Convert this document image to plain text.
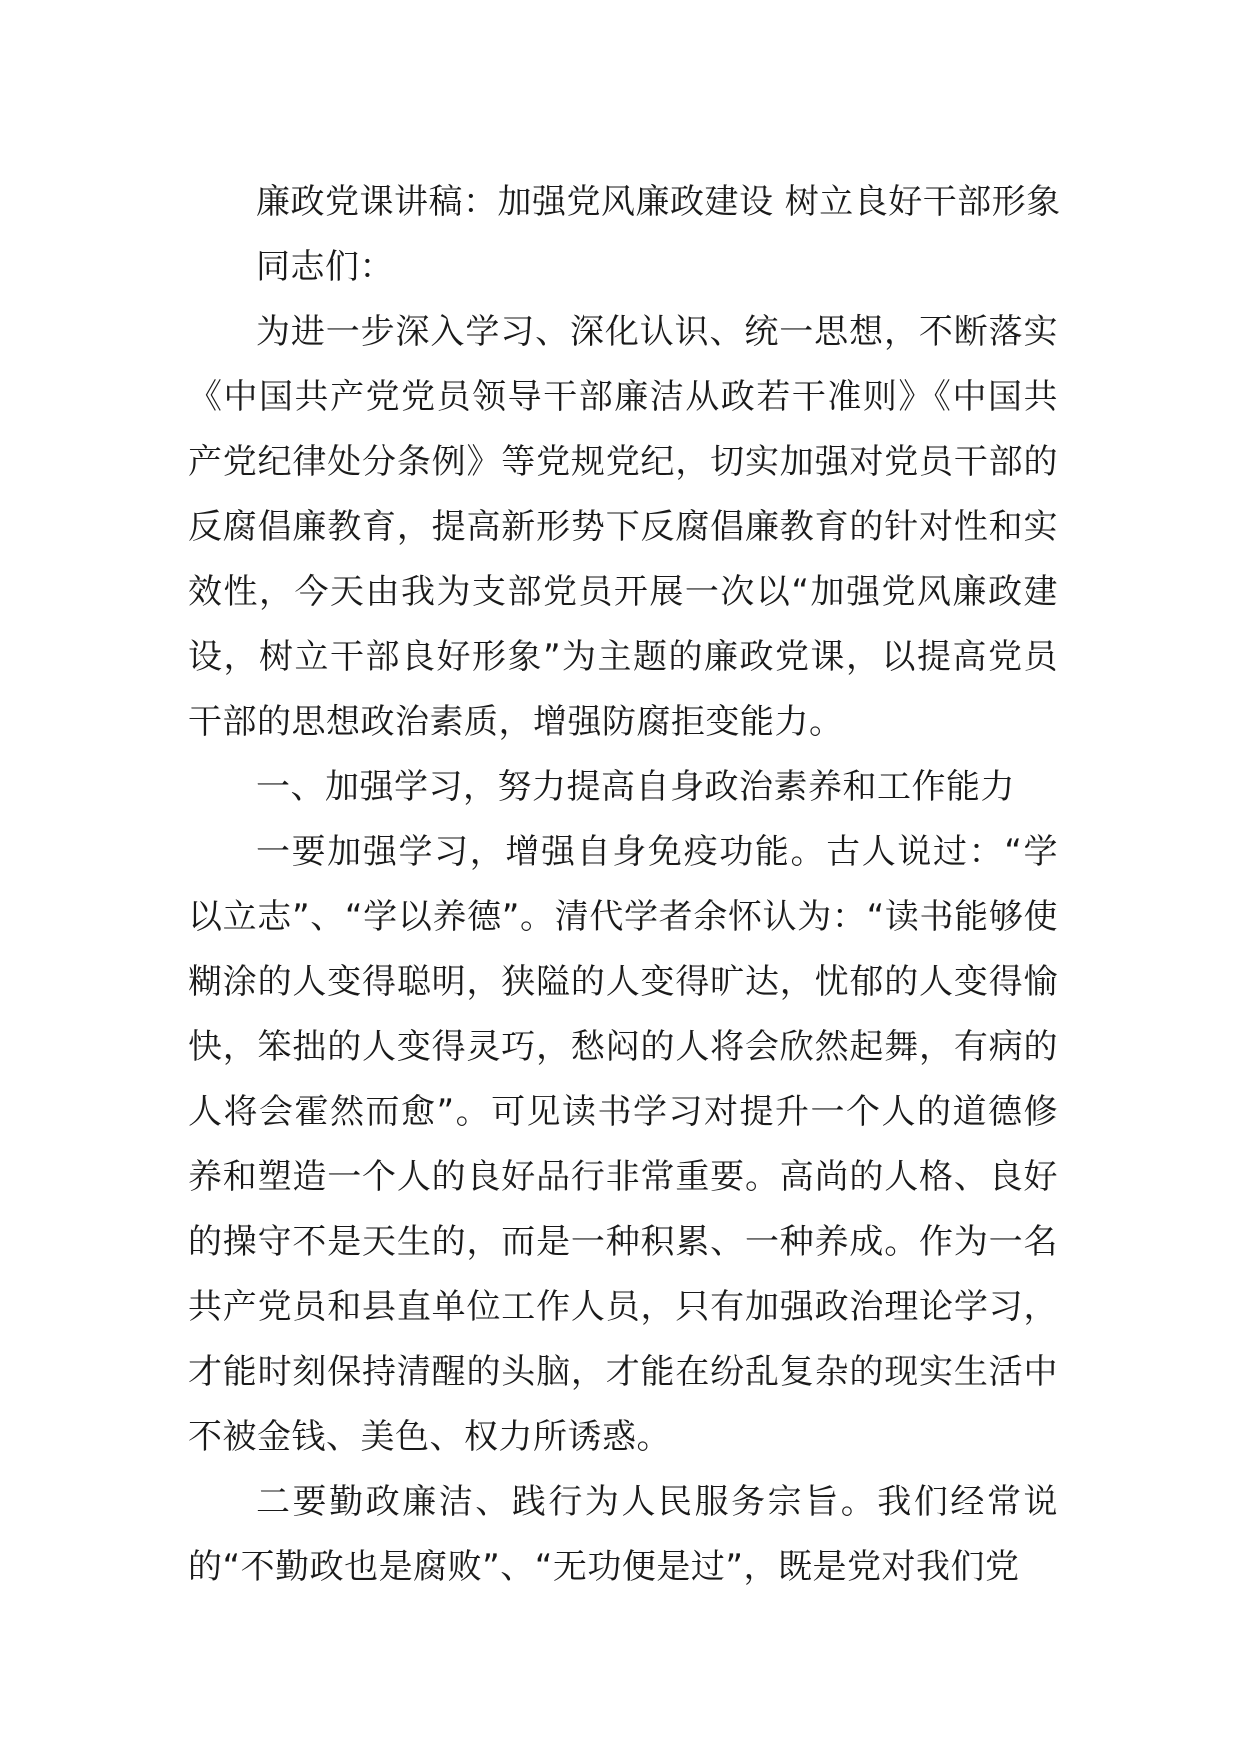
廉政党课讲稿：加强党风廉政建设 树立良好干部形象

同志们：

为进一步深入学习、深化认识、统一思想，不断落实《中国共产党党员领导干部廉洁从政若干准则》《中国共产党纪律处分条例》等党规党纪，切实加强对党员干部的反腐倡廉教育，提高新形势下反腐倡廉教育的针对性和实效性，今天由我为支部党员开展一次以“加强党风廉政建设，树立干部良好形象”为主题的廉政党课，以提高党员干部的思想政治素质，增强防腐拒变能力。

一、加强学习，努力提高自身政治素养和工作能力

一要加强学习，增强自身免疫功能。古人说过：“学以立志”、“学以养德”。清代学者余怀认为：“读书能够使糊涂的人变得聪明，狭隘的人变得旷达，忧郁的人变得愉快，笨拙的人变得灵巧，愁闷的人将会欣然起舞，有病的人将会霍然而愈”。可见读书学习对提升一个人的道德修养和塑造一个人的良好品行非常重要。高尚的人格、良好的操守不是天生的，而是一种积累、一种养成。作为一名共产党员和县直单位工作人员，只有加强政治理论学习，才能时刻保持清醒的头脑，才能在纷乱复杂的现实生活中不被金钱、美色、权力所诱惑。

二要勤政廉洁、践行为人民服务宗旨。我们经常说的“不勤政也是腐败”、“无功便是过”，既是党对我们党
